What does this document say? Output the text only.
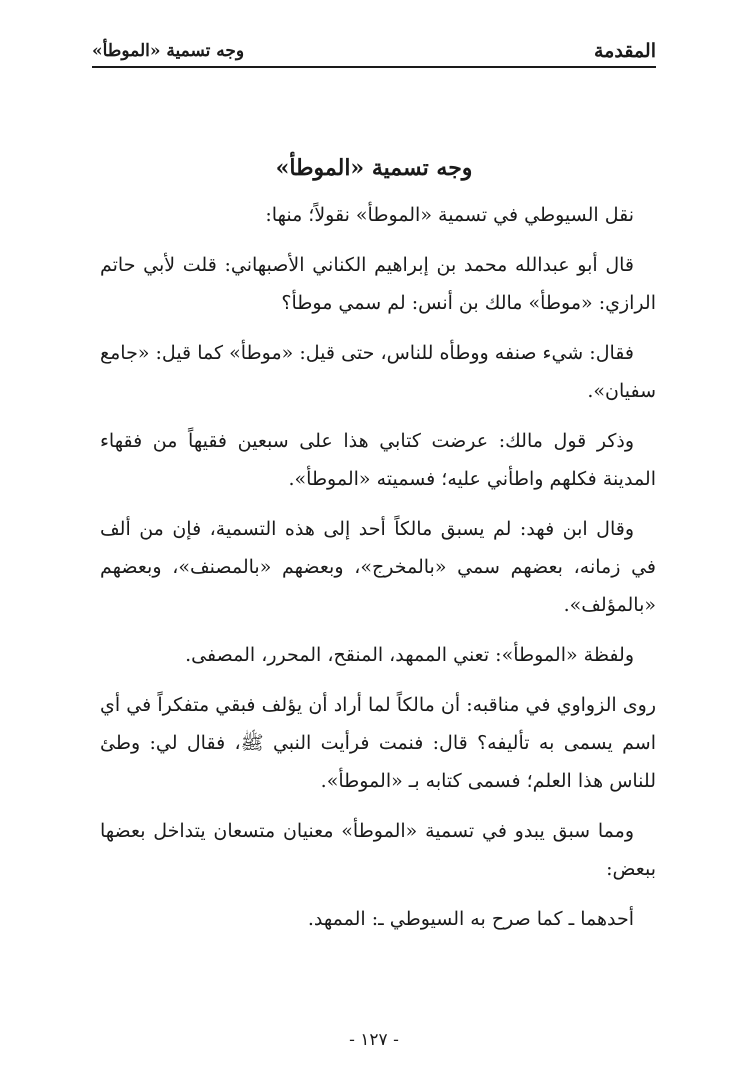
المقدمة
وجه تسمية «الموطأ»
وجه تسمية «الموطأ»

نقل السيوطي في تسمية «الموطأ» نقولاً؛ منها:

قال أبو عبدالله محمد بن إبراهيم الكناني الأصبهاني: قلت لأبي حاتم الرازي: «موطأ» مالك بن أنس: لم سمي موطأ؟

فقال: شيء صنفه ووطأه للناس، حتى قيل: «موطأ» كما قيل: «جامع سفيان».

وذكر قول مالك: عرضت كتابي هذا على سبعين فقيهاً من فقهاء المدينة فكلهم واطأني عليه؛ فسميته «الموطأ».

وقال ابن فهد: لم يسبق مالكاً أحد إلى هذه التسمية، فإن من ألف في زمانه، بعضهم سمي «بالمخرج»، وبعضهم «بالمصنف»، وبعضهم «بالمؤلف».

ولفظة «الموطأ»: تعني الممهد، المنقح، المحرر، المصفى.

روى الزواوي في مناقبه: أن مالكاً لما أراد أن يؤلف فبقي متفكراً في أي اسم يسمى به تأليفه؟ قال: فنمت فرأيت النبي ﷺ، فقال لي: وطئ للناس هذا العلم؛ فسمى كتابه بـ «الموطأ».

ومما سبق يبدو في تسمية «الموطأ» معنيان متسعان يتداخل بعضها ببعض:

أحدهما ـ كما صرح به السيوطي ـ: الممهد.

- ١٢٧ -
